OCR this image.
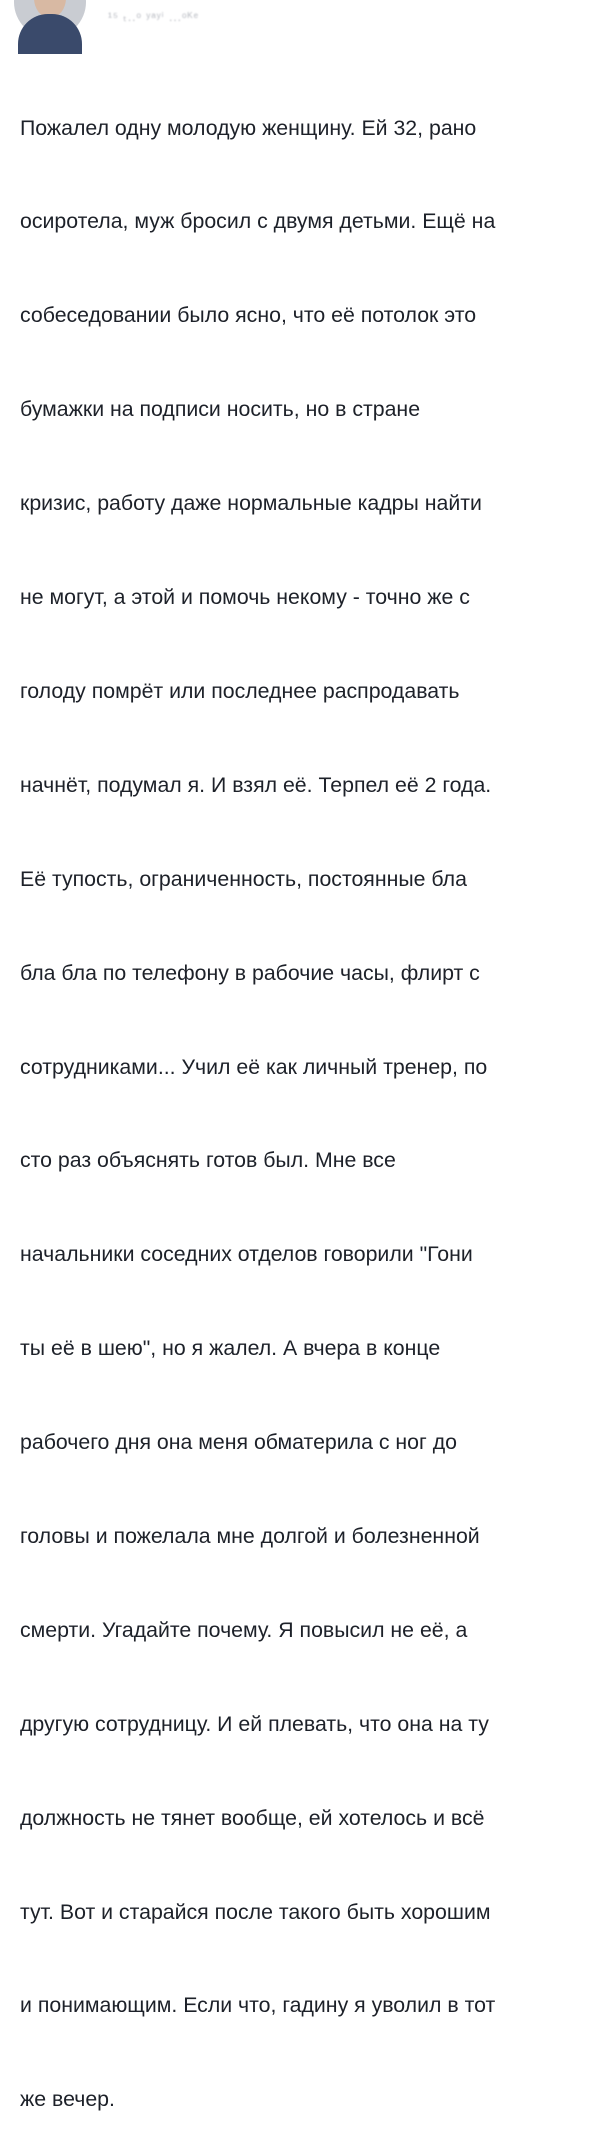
¹⁵ ₜ..ᵒ ʸᵃʸⁱ ...ᵒᴷᵉ

Пожалел одну молодую женщину. Ей 32, рано

осиротела, муж бросил с двумя детьми. Ещё на

собеседовании было ясно, что её потолок это

бумажки на подписи носить, но в стране

кризис, работу даже нормальные кадры найти

не могут, а этой и помочь некому - точно же с

голоду помрёт или последнее распродавать

начнёт, подумал я. И взял её. Терпел её 2 года.

Её тупость, ограниченность, постоянные бла

бла бла по телефону в рабочие часы, флирт с

сотрудниками... Учил её как личный тренер, по

сто раз объяснять готов был. Мне все

начальники соседних отделов говорили "Гони

ты её в шею", но я жалел. А вчера в конце

рабочего дня она меня обматерила с ног до

головы и пожелала мне долгой и болезненной

смерти. Угадайте почему. Я повысил не её, а

другую сотрудницу. И ей плевать, что она на ту

должность не тянет вообще, ей хотелось и всё

тут. Вот и старайся после такого быть хорошим

и понимающим. Если что, гадину я уволил в тот

же вечер.
